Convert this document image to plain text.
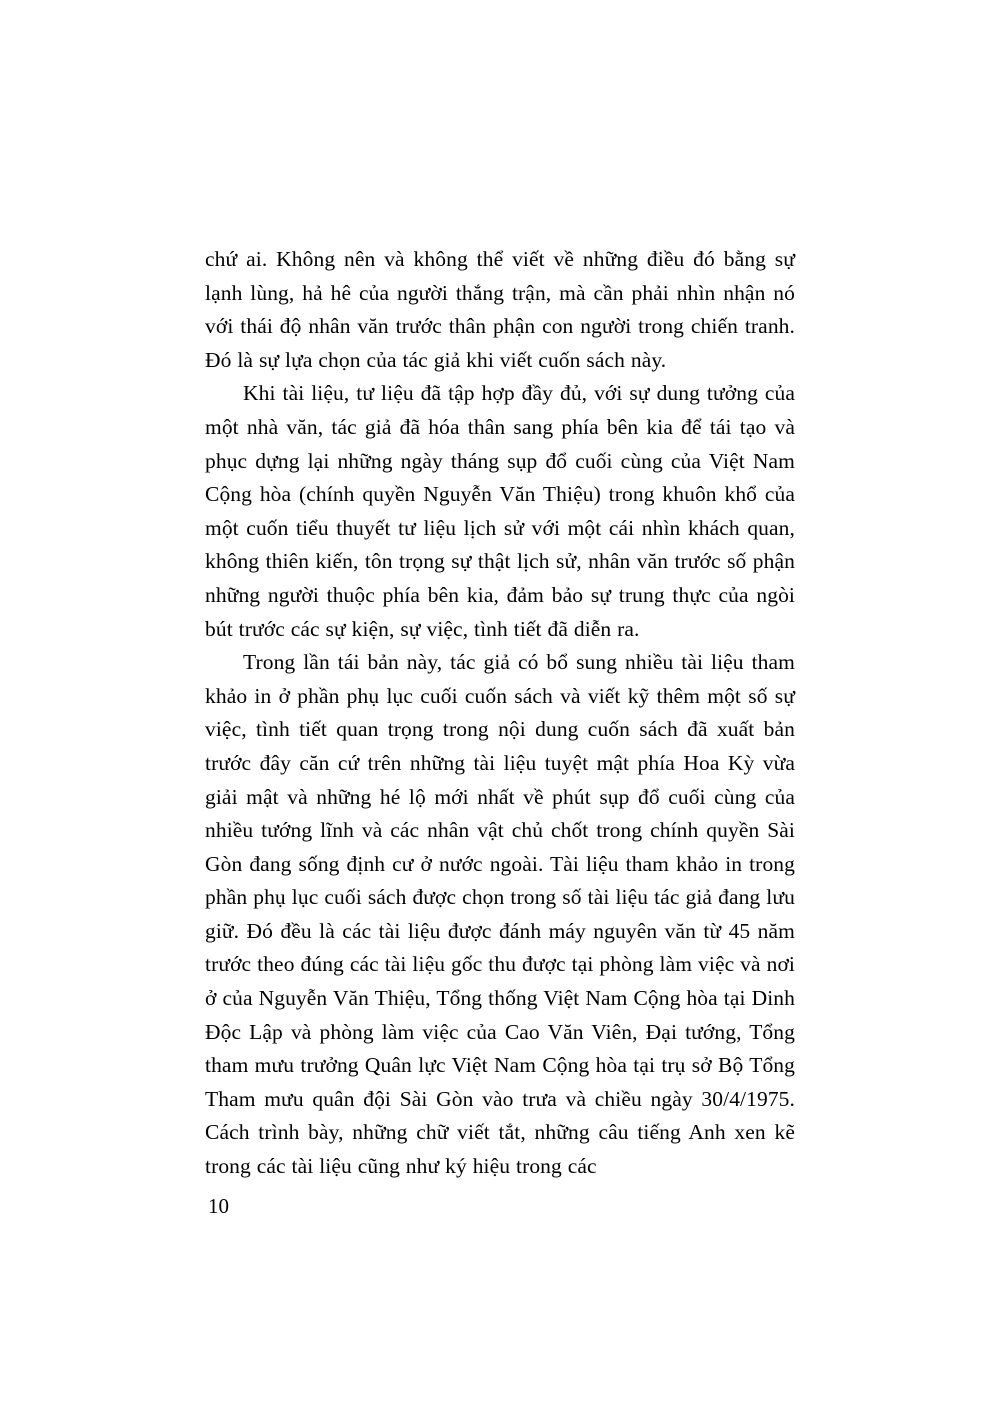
chứ ai. Không nên và không thể viết về những điều đó bằng sự lạnh lùng, hả hê của người thắng trận, mà cần phải nhìn nhận nó với thái độ nhân văn trước thân phận con người trong chiến tranh. Đó là sự lựa chọn của tác giả khi viết cuốn sách này.

Khi tài liệu, tư liệu đã tập hợp đầy đủ, với sự dung tưởng của một nhà văn, tác giả đã hóa thân sang phía bên kia để tái tạo và phục dựng lại những ngày tháng sụp đổ cuối cùng của Việt Nam Cộng hòa (chính quyền Nguyễn Văn Thiệu) trong khuôn khổ của một cuốn tiểu thuyết tư liệu lịch sử với một cái nhìn khách quan, không thiên kiến, tôn trọng sự thật lịch sử, nhân văn trước số phận những người thuộc phía bên kia, đảm bảo sự trung thực của ngòi bút trước các sự kiện, sự việc, tình tiết đã diễn ra.

Trong lần tái bản này, tác giả có bổ sung nhiều tài liệu tham khảo in ở phần phụ lục cuối cuốn sách và viết kỹ thêm một số sự việc, tình tiết quan trọng trong nội dung cuốn sách đã xuất bản trước đây căn cứ trên những tài liệu tuyệt mật phía Hoa Kỳ vừa giải mật và những hé lộ mới nhất về phút sụp đổ cuối cùng của nhiều tướng lĩnh và các nhân vật chủ chốt trong chính quyền Sài Gòn đang sống định cư ở nước ngoài. Tài liệu tham khảo in trong phần phụ lục cuối sách được chọn trong số tài liệu tác giả đang lưu giữ. Đó đều là các tài liệu được đánh máy nguyên văn từ 45 năm trước theo đúng các tài liệu gốc thu được tại phòng làm việc và nơi ở của Nguyễn Văn Thiệu, Tổng thống Việt Nam Cộng hòa tại Dinh Độc Lập và phòng làm việc của Cao Văn Viên, Đại tướng, Tổng tham mưu trưởng Quân lực Việt Nam Cộng hòa tại trụ sở Bộ Tổng Tham mưu quân đội Sài Gòn vào trưa và chiều ngày 30/4/1975. Cách trình bày, những chữ viết tắt, những câu tiếng Anh xen kẽ trong các tài liệu cũng như ký hiệu trong các

10
